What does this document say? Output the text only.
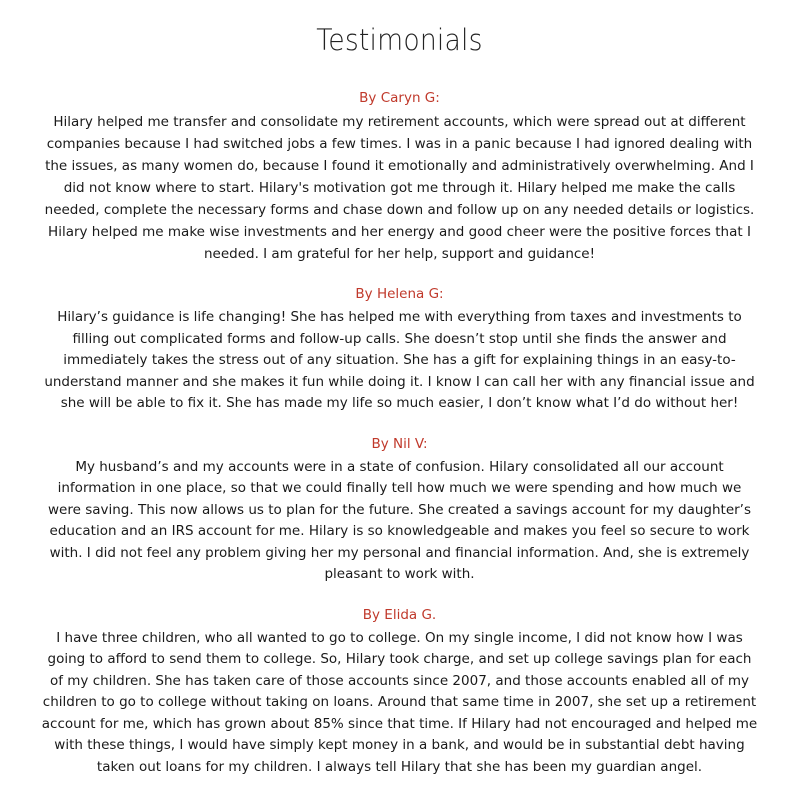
Testimonials

By Caryn G:

Hilary helped me transfer and consolidate my retirement accounts, which were spread out at different companies because I had switched jobs a few times. I was in a panic because I had ignored dealing with the issues, as many women do, because I found it emotionally and administratively overwhelming. And I did not know where to start. Hilary's motivation got me through it. Hilary helped me make the calls needed, complete the necessary forms and chase down and follow up on any needed details or logistics. Hilary helped me make wise investments and her energy and good cheer were the positive forces that I needed. I am grateful for her help, support and guidance!

By Helena G:

Hilary’s guidance is life changing! She has helped me with everything from taxes and investments to filling out complicated forms and follow-up calls. She doesn’t stop until she finds the answer and immediately takes the stress out of any situation. She has a gift for explaining things in an easy-to-understand manner and she makes it fun while doing it. I know I can call her with any financial issue and she will be able to fix it. She has made my life so much easier, I don’t know what I’d do without her!

By Nil V:

My husband’s and my accounts were in a state of confusion. Hilary consolidated all our account information in one place, so that we could finally tell how much we were spending and how much we were saving. This now allows us to plan for the future. She created a savings account for my daughter’s education and an IRS account for me. Hilary is so knowledgeable and makes you feel so secure to work with. I did not feel any problem giving her my personal and financial information. And, she is extremely pleasant to work with.

By Elida G.

I have three children, who all wanted to go to college. On my single income, I did not know how I was going to afford to send them to college. So, Hilary took charge, and set up college savings plan for each of my children. She has taken care of those accounts since 2007, and those accounts enabled all of my children to go to college without taking on loans. Around that same time in 2007, she set up a retirement account for me, which has grown about 85% since that time. If Hilary had not encouraged and helped me with these things, I would have simply kept money in a bank, and would be in substantial debt having taken out loans for my children. I always tell Hilary that she has been my guardian angel.
